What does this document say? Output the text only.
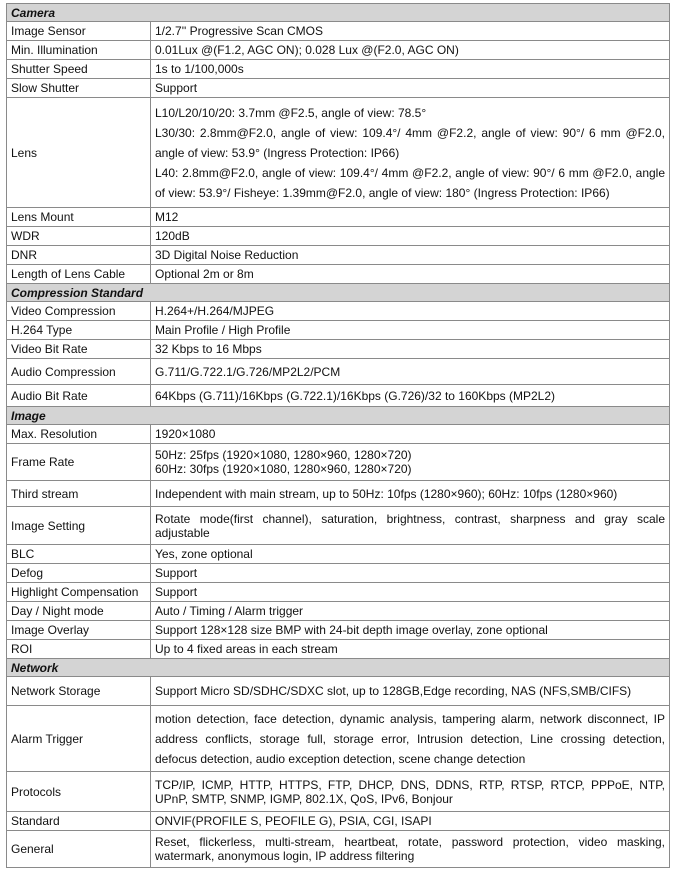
Camera	
Image Sensor	1/2.7'' Progressive Scan CMOS
Min. Illumination	0.01Lux @(F1.2, AGC ON); 0.028 Lux @(F2.0, AGC ON)
Shutter Speed	1s to 1/100,000s
Slow Shutter	Support
Lens	L10/L20/10/20: 3.7mm @F2.5, angle of view: 78.5°
L30/30: 2.8mm@F2.0, angle of view: 109.4°/ 4mm @F2.2, angle of view: 90°/ 6 mm @F2.0, angle of view: 53.9° (Ingress Protection: IP66)
L40: 2.8mm@F2.0, angle of view: 109.4°/ 4mm @F2.2, angle of view: 90°/ 6 mm @F2.0, angle of view: 53.9°/ Fisheye: 1.39mm@F2.0, angle of view: 180° (Ingress Protection: IP66)

Lens Mount	M12
WDR	120dB
DNR	3D Digital Noise Reduction
Length of Lens Cable	Optional 2m or 8m
Compression Standard	
Video Compression	H.264+/H.264/MJPEG
H.264 Type	Main Profile / High Profile
Video Bit Rate	32 Kbps to 16 Mbps
Audio Compression	G.711/G.722.1/G.726/MP2L2/PCM
Audio Bit Rate	64Kbps (G.711)/16Kbps (G.722.1)/16Kbps (G.726)/32 to 160Kbps (MP2L2)
Image	
Max. Resolution	1920×1080
Frame Rate	50Hz: 25fps (1920×1080, 1280×960, 1280×720)
60Hz: 30fps (1920×1080, 1280×960, 1280×720)

Third stream	Independent with main stream, up to 50Hz: 10fps (1280×960); 60Hz: 10fps (1280×960)
Image Setting	Rotate mode(first channel), saturation, brightness, contrast, sharpness and gray scale adjustable
BLC	Yes, zone optional
Defog	Support
Highlight Compensation	Support
Day / Night mode	Auto / Timing / Alarm trigger
Image Overlay	Support 128×128 size BMP with 24-bit depth image overlay, zone optional
ROI	Up to 4 fixed areas in each stream
Network	
Network Storage	Support Micro SD/SDHC/SDXC slot, up to 128GB,Edge recording, NAS (NFS,SMB/CIFS)
Alarm Trigger	motion detection, face detection, dynamic analysis, tampering alarm, network disconnect, IP address conflicts, storage full, storage error, Intrusion detection, Line crossing detection, defocus detection, audio exception detection, scene change detection
Protocols	TCP/IP, ICMP, HTTP, HTTPS, FTP, DHCP, DNS, DDNS, RTP, RTSP, RTCP, PPPoE, NTP, UPnP, SMTP, SNMP, IGMP, 802.1X, QoS, IPv6, Bonjour
Standard	ONVIF(PROFILE S, PEOFILE G), PSIA, CGI, ISAPI
General	Reset, flickerless, multi-stream, heartbeat, rotate, password protection, video masking, watermark, anonymous login, IP address filtering
